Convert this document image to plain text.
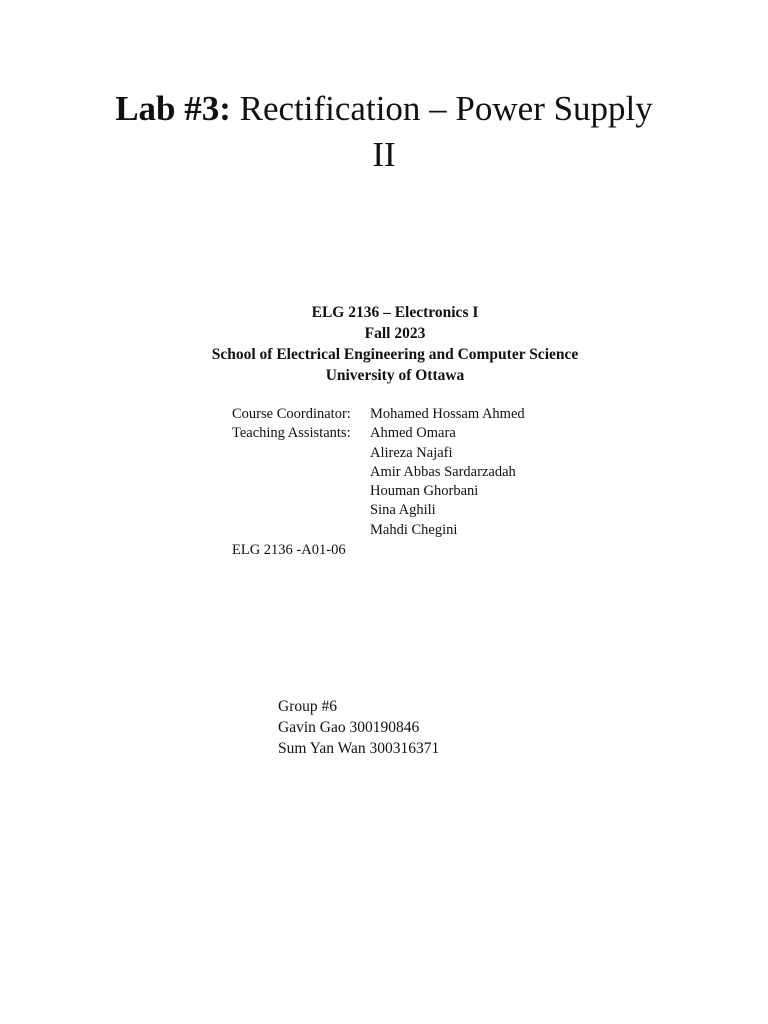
Lab #3: Rectification – Power Supply
II
ELG 2136 – Electronics I
Fall 2023
School of Electrical Engineering and Computer Science
University of Ottawa
Course Coordinator:	Mohamed Hossam Ahmed
Teaching Assistants:	Ahmed Omara
Alireza Najafi
Amir Abbas Sardarzadah
Houman Ghorbani
Sina Aghili
Mahdi Chegini
ELG 2136 -A01-06
Group #6
Gavin Gao 300190846
Sum Yan Wan 300316371
